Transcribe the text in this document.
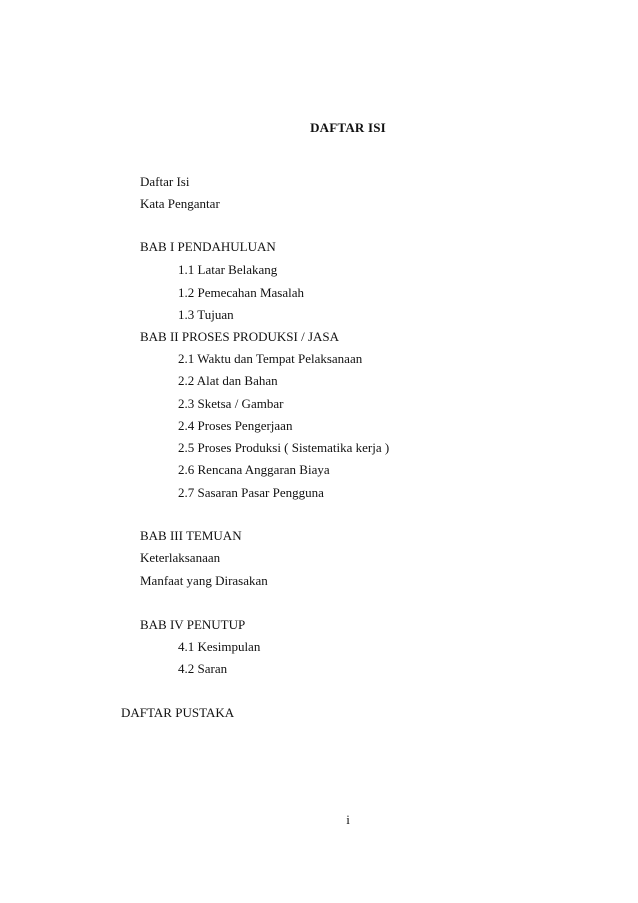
DAFTAR ISI
Daftar Isi
Kata Pengantar
BAB I PENDAHULUAN
1.1 Latar Belakang
1.2 Pemecahan Masalah
1.3 Tujuan
BAB II PROSES PRODUKSI / JASA
2.1 Waktu dan Tempat Pelaksanaan
2.2 Alat dan Bahan
2.3 Sketsa / Gambar
2.4 Proses Pengerjaan
2.5 Proses Produksi ( Sistematika kerja )
2.6 Rencana Anggaran Biaya
2.7 Sasaran Pasar Pengguna
BAB III TEMUAN
Keterlaksanaan
Manfaat yang Dirasakan
BAB IV PENUTUP
4.1 Kesimpulan
4.2 Saran
DAFTAR PUSTAKA
i
